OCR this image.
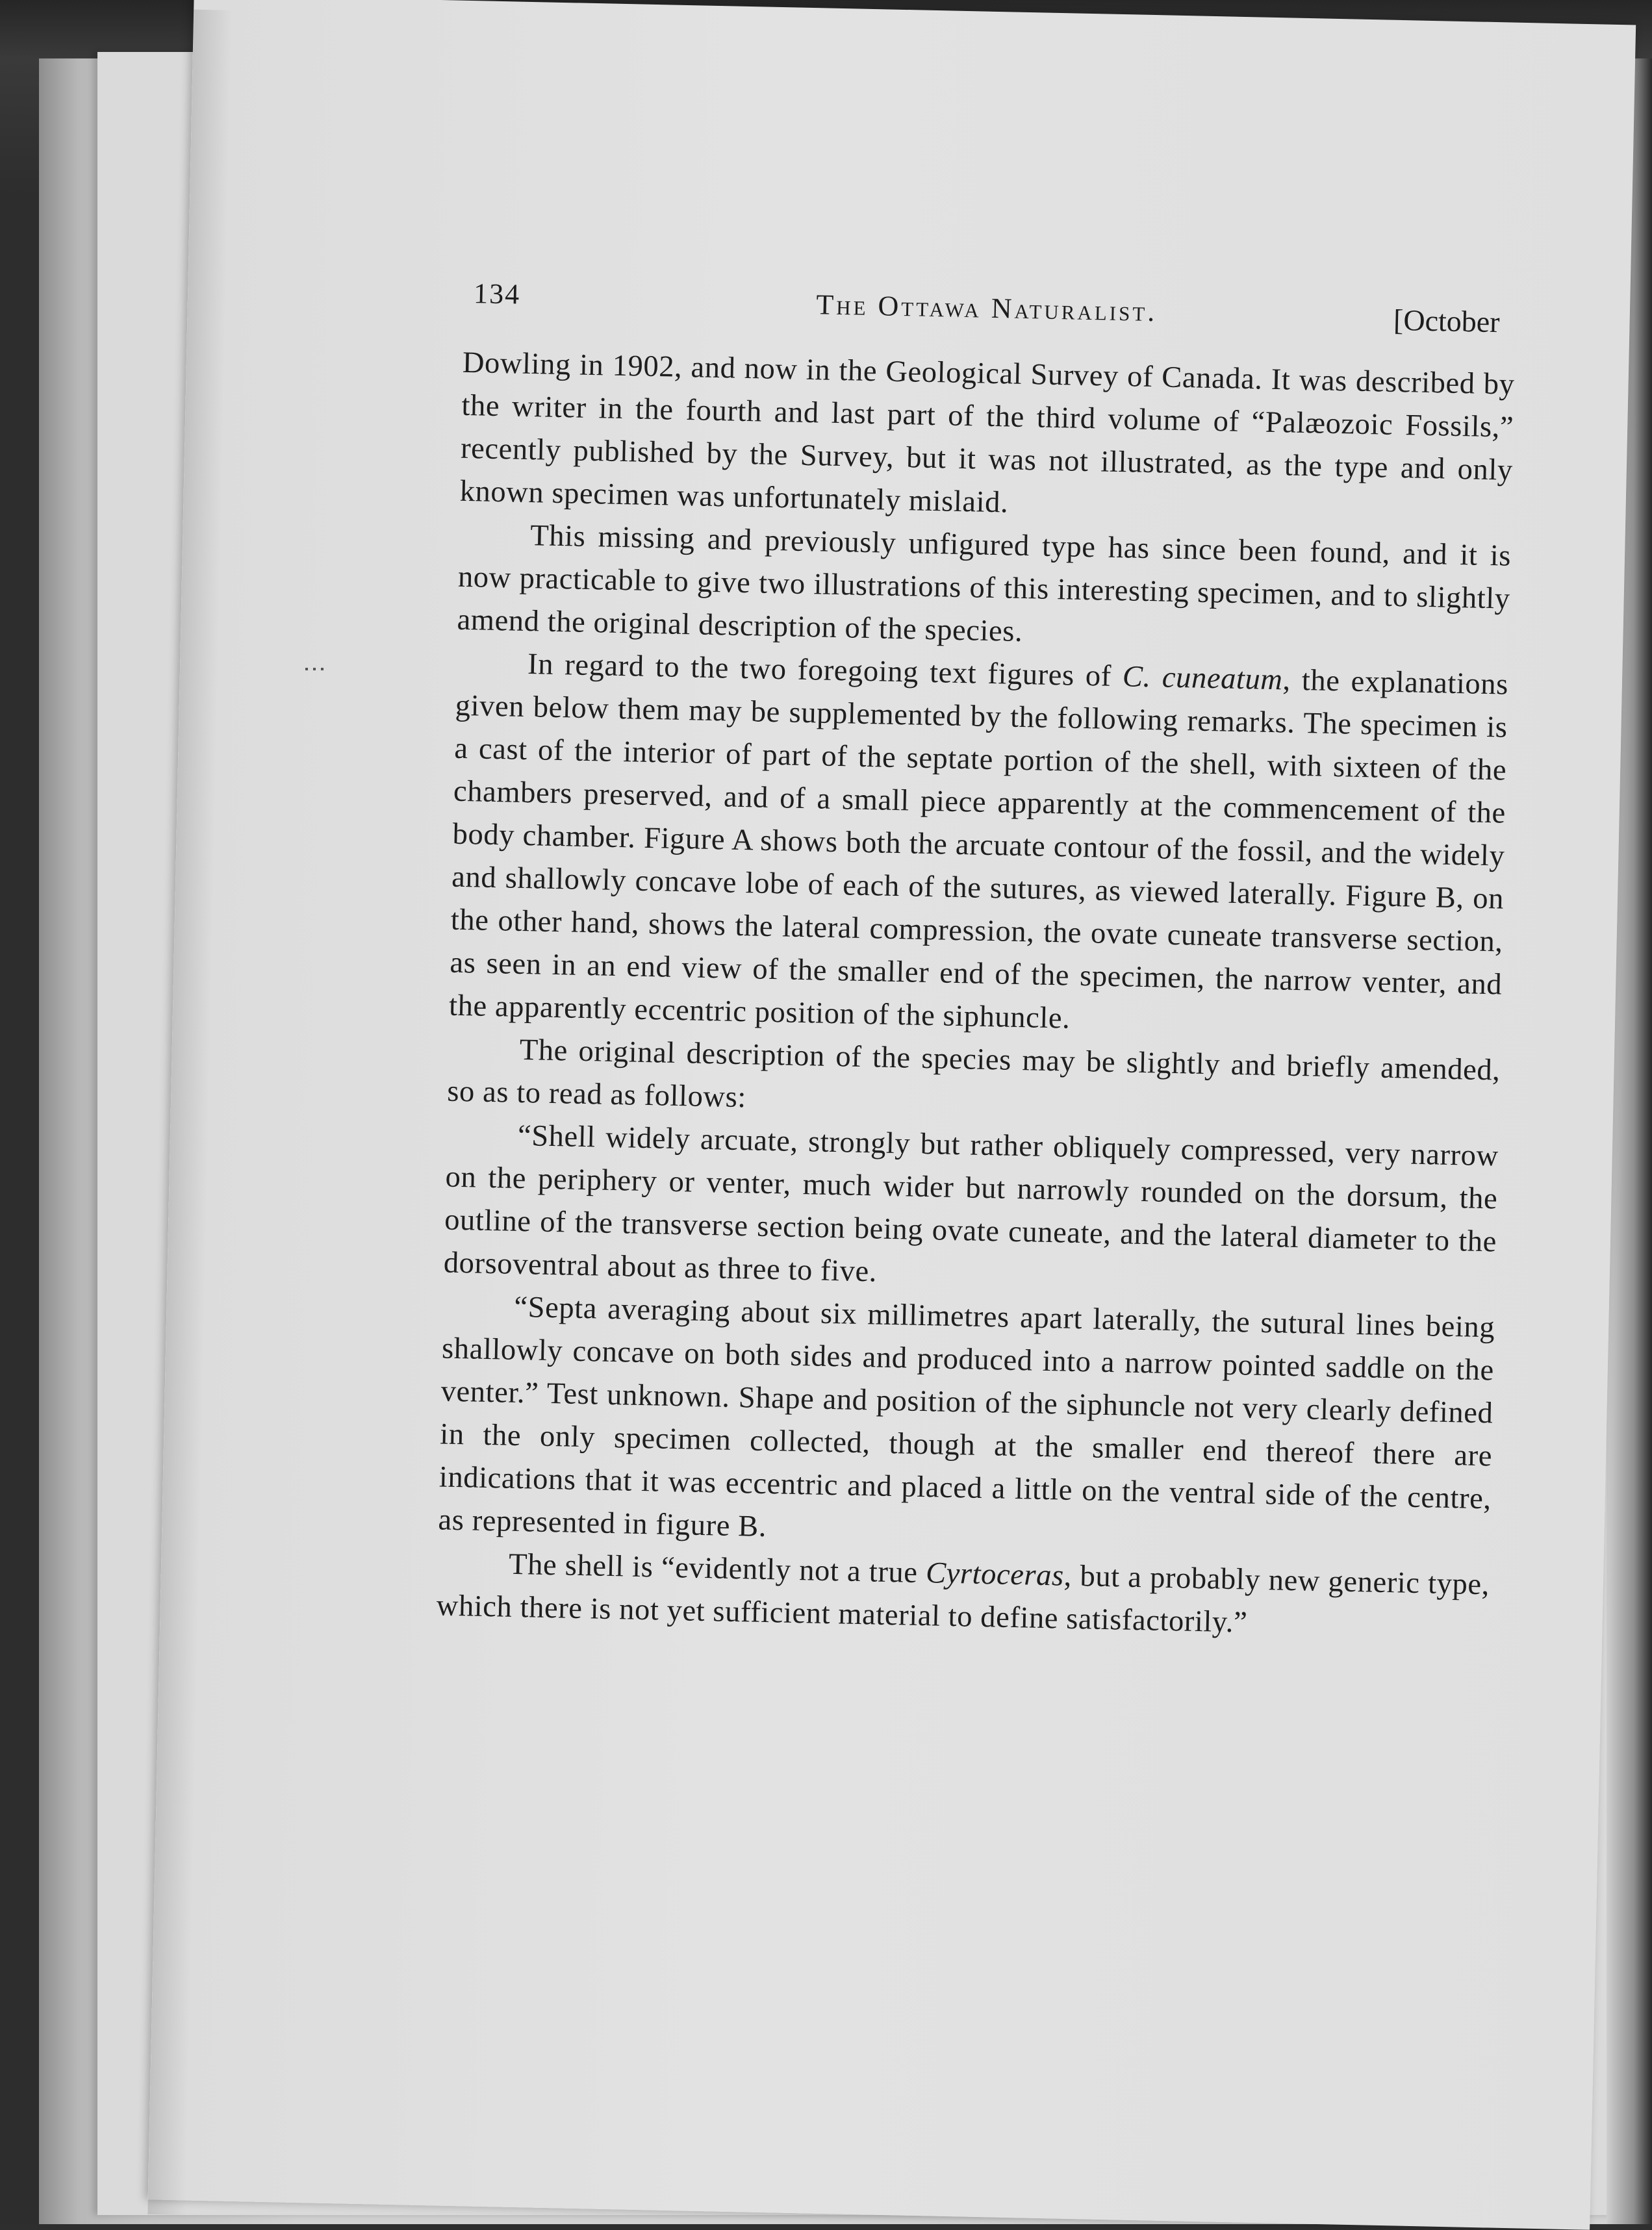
134	The Ottawa Naturalist.	[October

Dowling in 1902, and now in the Geological Survey of Canada. It was described by the writer in the fourth and last part of the third volume of “Palæozoic Fossils,” recently published by the Survey, but it was not illustrated, as the type and only known specimen was unfortunately mislaid.

This missing and previously unfigured type has since been found, and it is now practicable to give two illustrations of this interesting specimen, and to slightly amend the original description of the species.

In regard to the two foregoing text figures of C. cuneatum, the explanations given below them may be supplemented by the following remarks. The specimen is a cast of the interior of part of the septate portion of the shell, with sixteen of the chambers preserved, and of a small piece apparently at the commencement of the body chamber. Figure A shows both the arcuate contour of the fossil, and the widely and shallowly concave lobe of each of the sutures, as viewed laterally. Figure B, on the other hand, shows the lateral compression, the ovate cuneate transverse section, as seen in an end view of the smaller end of the specimen, the narrow venter, and the apparently eccentric position of the siphuncle.

The original description of the species may be slightly and briefly amended, so as to read as follows:

“Shell widely arcuate, strongly but rather obliquely compressed, very narrow on the periphery or venter, much wider but narrowly rounded on the dorsum, the outline of the transverse section being ovate cuneate, and the lateral diameter to the dorsoventral about as three to five.

“Septa averaging about six millimetres apart laterally, the sutural lines being shallowly concave on both sides and produced into a narrow pointed saddle on the venter.” Test unknown. Shape and position of the siphuncle not very clearly defined in the only specimen collected, though at the smaller end thereof there are indications that it was eccentric and placed a little on the ventral side of the centre, as represented in figure B.

The shell is “evidently not a true Cyrtoceras, but a probably new generic type, which there is not yet sufficient material to define satisfactorily.”
